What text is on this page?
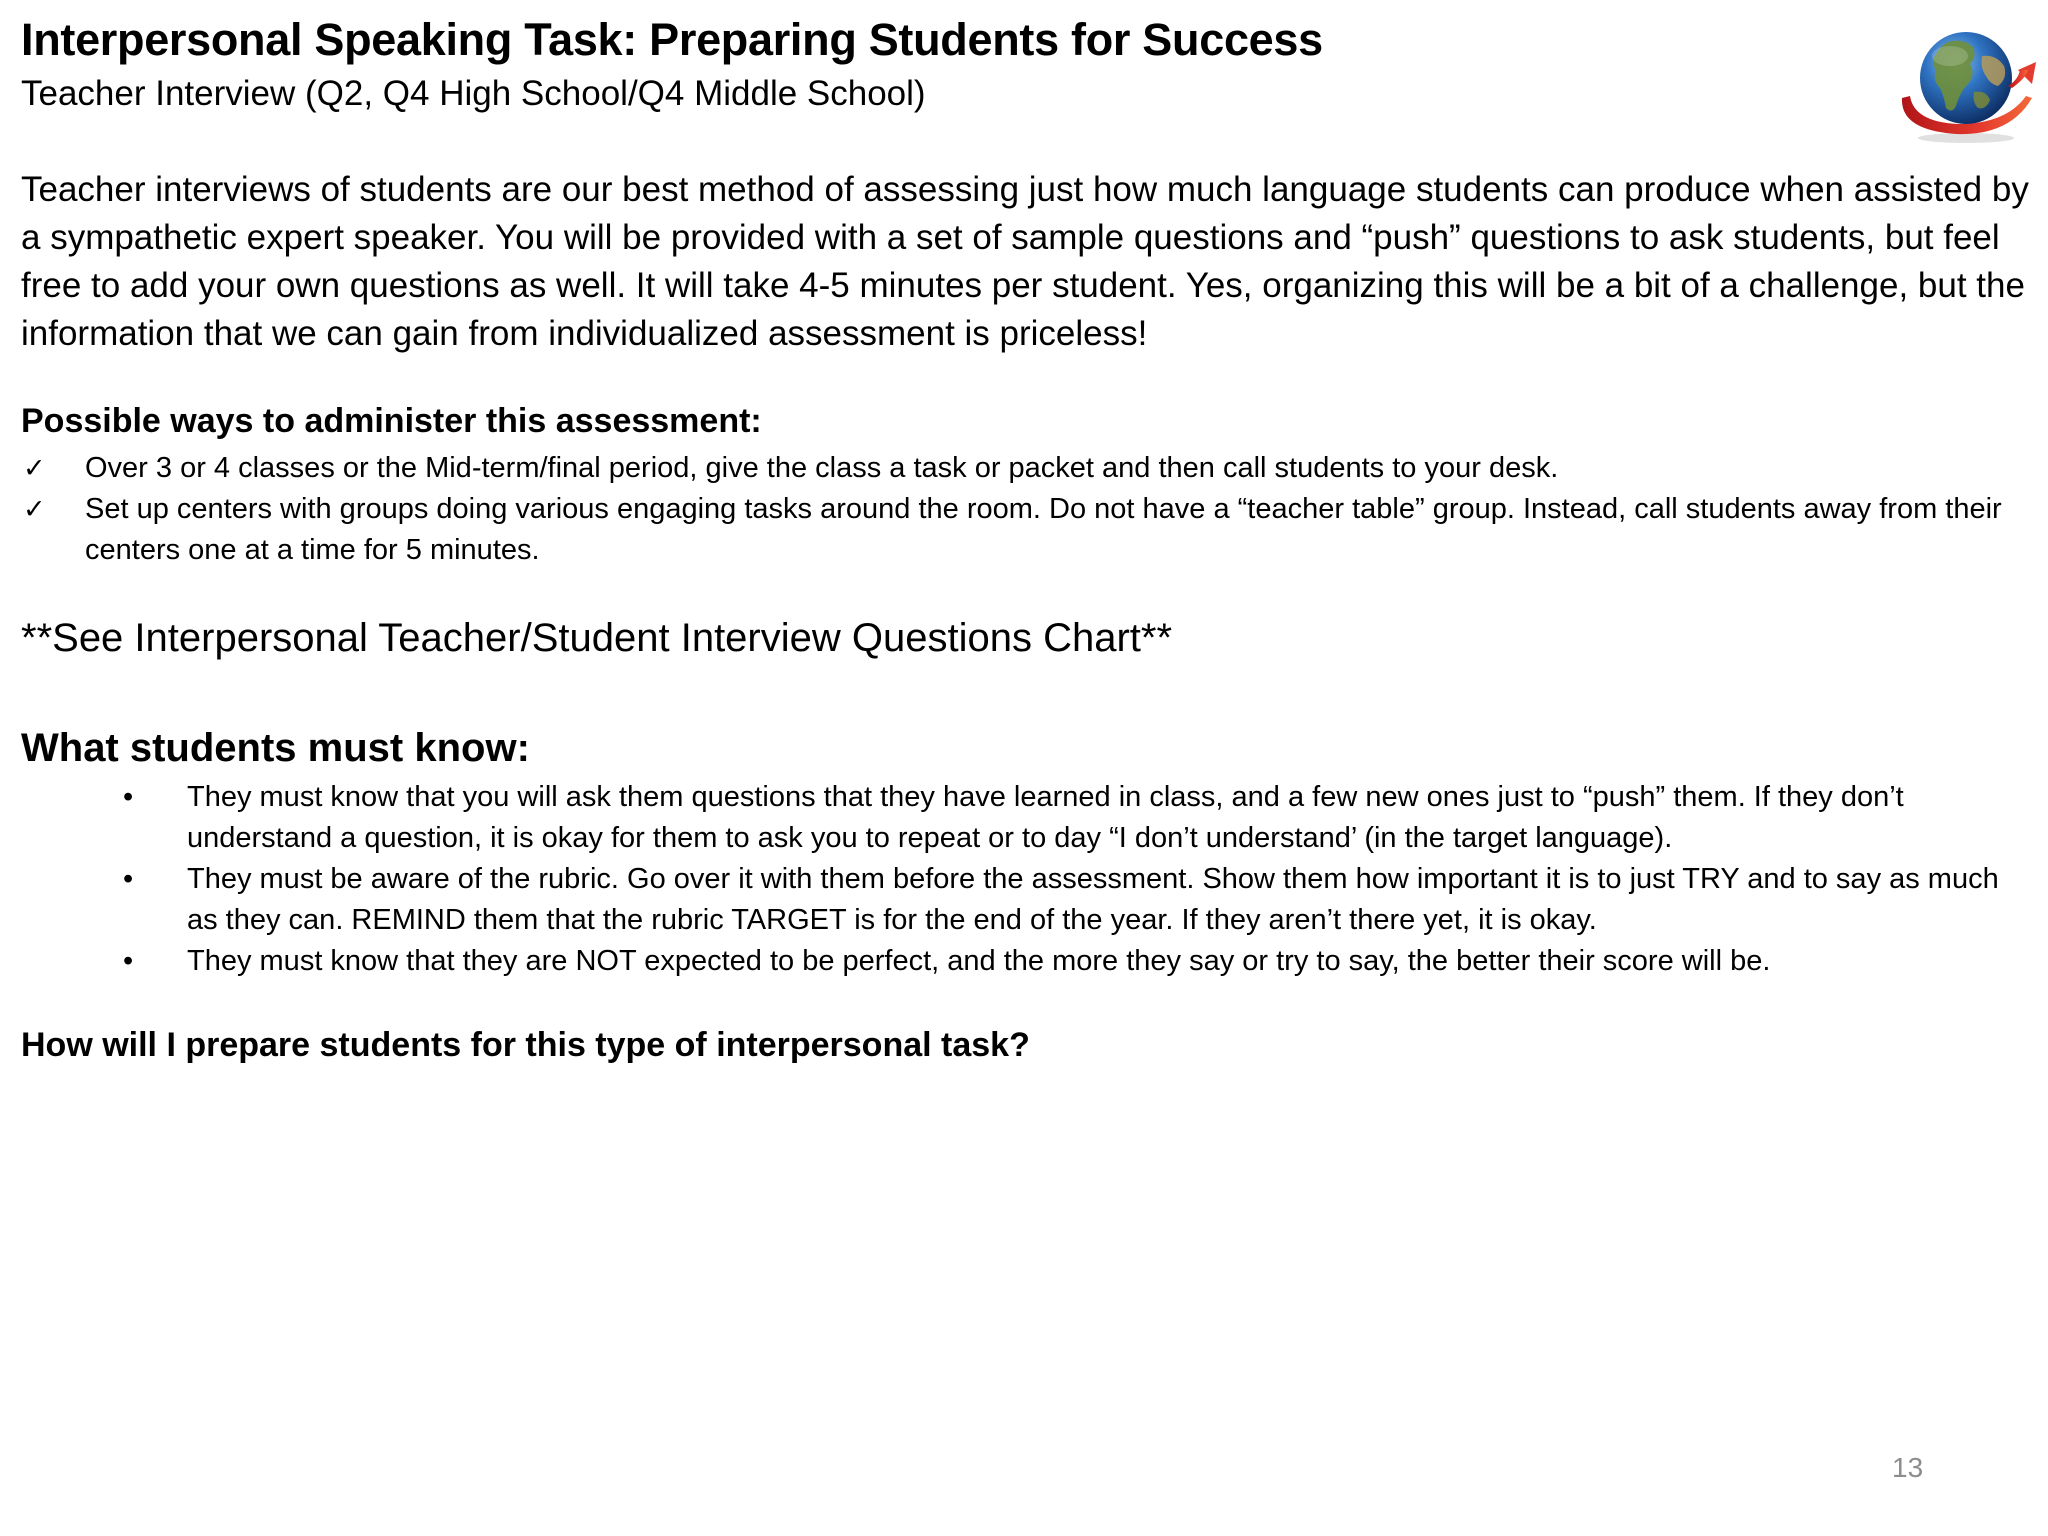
Interpersonal Speaking Task: Preparing Students for Success
Teacher Interview (Q2, Q4 High School/Q4 Middle School)

Teacher interviews of students are our best method of assessing just how much language students can produce when assisted by a sympathetic expert speaker. You will be provided with a set of sample questions and “push” questions to ask students, but feel free to add your own questions as well. It will take 4-5 minutes per student. Yes, organizing this will be a bit of a challenge, but the information that we can gain from individualized assessment is priceless!

Possible ways to administer this assessment:
✓ Over 3 or 4 classes or the Mid-term/final period, give the class a task or packet and then call students to your desk.
✓ Set up centers with groups doing various engaging tasks around the room. Do not have a “teacher table” group. Instead, call students away from their centers one at a time for 5 minutes.
**See Interpersonal Teacher/Student Interview Questions Chart**
What students must know:
• They must know that you will ask them questions that they have learned in class, and a few new ones just to “push” them. If they don’t understand a question, it is okay for them to ask you to repeat or to day “I don’t understand’ (in the target language).
• They must be aware of the rubric. Go over it with them before the assessment. Show them how important it is to just TRY and to say as much as they can. REMIND them that the rubric TARGET is for the end of the year. If they aren’t there yet, it is okay.
• They must know that they are NOT expected to be perfect, and the more they say or try to say, the better their score will be.
How will I prepare students for this type of interpersonal task?
13
